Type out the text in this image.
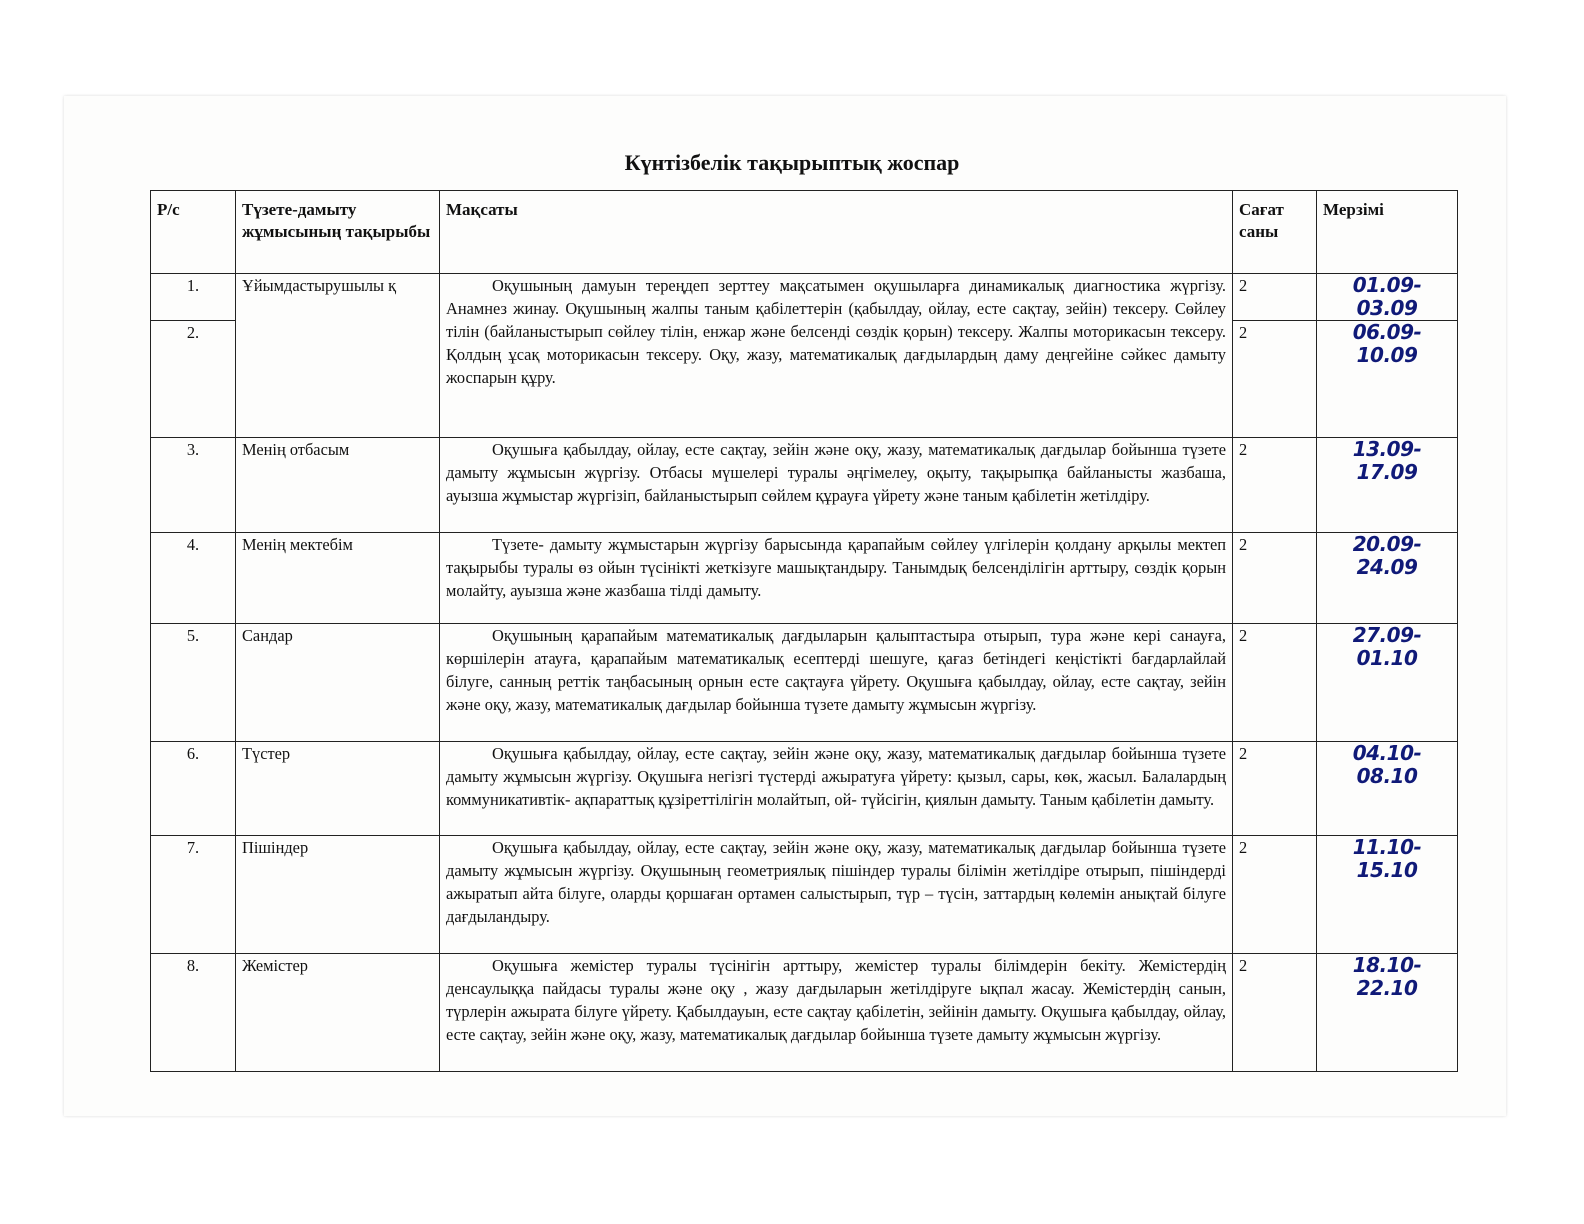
Күнтізбелік тақырыптық жоспар
Р/с	Түзете-дамыту жұмысының тақырыбы	Мақсаты	Сағат саны	Мерзімі
1.	Ұйымдастырушылы қ	Оқушының дамуын тереңдеп зерттеу мақсатымен оқушыларға динамикалық диагностика жүргізу. Анамнез жинау. Оқушының жалпы таным қабілеттерін (қабылдау, ойлау, есте сақтау, зейін) тексеру. Сөйлеу тілін (байланыстырып сөйлеу тілін, енжар және белсенді сөздік қорын) тексеру. Жалпы моторикасын тексеру. Қолдың ұсақ моторикасын тексеру. Оқу, жазу, математикалық дағдылардың даму деңгейіне сәйкес дамыту жоспарын құру.	2	01.09-03.09
2.			2	06.09-10.09
3.	Менің отбасым	Оқушыға қабылдау, ойлау, есте сақтау, зейін және оқу, жазу, математикалық дағдылар бойынша түзете дамыту жұмысын жүргізу. Отбасы мүшелері туралы әңгімелеу, оқыту, тақырыпқа байланысты жазбаша, ауызша жұмыстар жүргізіп, байланыстырып сөйлем құрауға үйрету және таным қабілетін жетілдіру.	2	13.09-17.09
4.	Менің мектебім	Түзете- дамыту жұмыстарын жүргізу барысында қарапайым сөйлеу үлгілерін қолдану арқылы мектеп тақырыбы туралы өз ойын түсінікті жеткізуге машықтандыру. Танымдық белсенділігін арттыру, сөздік қорын молайту, ауызша және жазбаша тілді дамыту.	2	20.09-24.09
5.	Сандар	Оқушының қарапайым математикалық дағдыларын қалыптастыра отырып, тура және кері санауға, көршілерін атауға, қарапайым математикалық есептерді шешуге, қағаз бетіндегі кеңістікті бағдарлайлай білуге, санның реттік таңбасының орнын есте сақтауға үйрету. Оқушыға қабылдау, ойлау, есте сақтау, зейін және оқу, жазу, математикалық дағдылар бойынша түзете дамыту жұмысын жүргізу.	2	27.09-01.10
6.	Түстер	Оқушыға қабылдау, ойлау, есте сақтау, зейін және оқу, жазу, математикалық дағдылар бойынша түзете дамыту жұмысын жүргізу. Оқушыға негізгі түстерді ажыратуға үйрету: қызыл, сары, көк, жасыл. Балалардың коммуникативтік- ақпараттық құзіреттілігін молайтып, ой- түйсігін, қиялын дамыту. Таным қабілетін дамыту.	2	04.10-08.10
7.	Пішіндер	Оқушыға қабылдау, ойлау, есте сақтау, зейін және оқу, жазу, математикалық дағдылар бойынша түзете дамыту жұмысын жүргізу. Оқушының геометриялық пішіндер туралы білімін жетілдіре отырып, пішіндерді ажыратып айта білуге, оларды қоршаған ортамен салыстырып, түр – түсін, заттардың көлемін анықтай білуге дағдыландыру.	2	11.10-15.10
8.	Жемістер	Оқушыға жемістер туралы түсінігін арттыру, жемістер туралы білімдерін бекіту. Жемістердің денсаулыққа пайдасы туралы және оқу , жазу дағдыларын жетілдіруге ықпал жасау. Жемістердің санын, түрлерін ажырата білуге үйрету. Қабылдауын, есте сақтау қабілетін, зейінін дамыту. Оқушыға қабылдау, ойлау, есте сақтау, зейін және оқу, жазу, математикалық дағдылар бойынша түзете дамыту жұмысын жүргізу.	2	18.10-22.10
